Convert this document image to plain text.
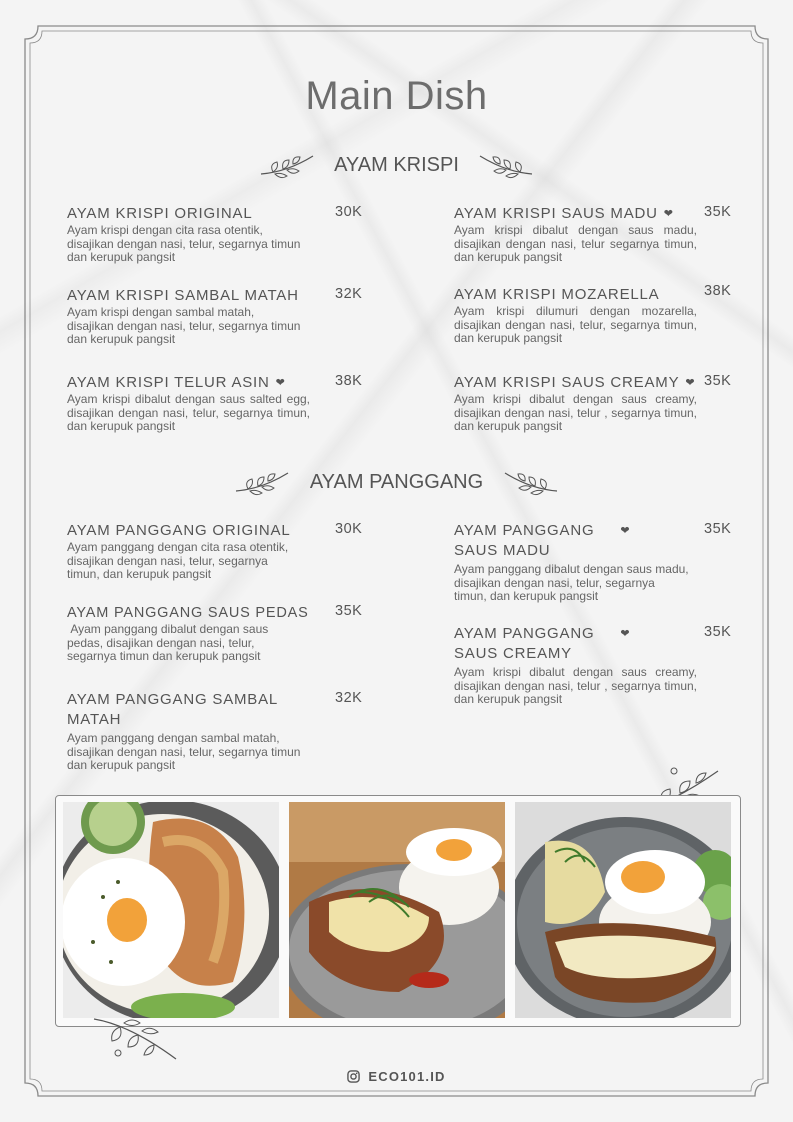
Main Dish
AYAM KRISPI
AYAM KRISPI ORIGINAL	30K
Ayam krispi dengan cita rasa otentik, disajikan dengan nasi, telur, segarnya timun dan kerupuk pangsit
AYAM KRISPI SAUS MADU ❤	35K
Ayam krispi dibalut dengan saus madu, disajikan dengan nasi, telur segarnya timun, dan kerupuk pangsit
AYAM KRISPI SAMBAL MATAH	32K
Ayam krispi dengan sambal matah, disajikan dengan nasi, telur, segarnya timun dan kerupuk pangsit
AYAM KRISPI MOZARELLA	38K
Ayam krispi dilumuri dengan mozarella, disajikan dengan nasi, telur, segarnya timun, dan kerupuk pangsit
AYAM KRISPI TELUR ASIN ❤	38K
Ayam krispi dibalut dengan saus salted egg, disajikan dengan nasi, telur, segarnya timun, dan kerupuk pangsit
AYAM KRISPI SAUS CREAMY ❤ 35K
Ayam krispi dibalut dengan saus creamy, disajikan dengan nasi, telur , segarnya timun, dan kerupuk pangsit
AYAM PANGGANG
AYAM PANGGANG ORIGINAL	30K
Ayam panggang dengan cita rasa otentik, disajikan dengan nasi, telur, segarnya timun, dan kerupuk pangsit
AYAM PANGGANG ❤
SAUS MADU
35K
Ayam panggang dibalut dengan saus madu, disajikan dengan nasi, telur, segarnya timun, dan kerupuk pangsit
AYAM PANGGANG SAUS PEDAS	35K
Ayam panggang dibalut dengan saus pedas, disajikan dengan nasi, telur, segarnya timun dan kerupuk pangsit
AYAM PANGGANG ❤
SAUS CREAMY
35K
Ayam krispi dibalut dengan saus creamy, disajikan dengan nasi, telur , segarnya timun, dan kerupuk pangsit
AYAM PANGGANG SAMBAL
MATAH
32K
Ayam panggang dengan sambal matah, disajikan dengan nasi, telur, segarnya timun dan kerupuk pangsit
ECO101.ID
